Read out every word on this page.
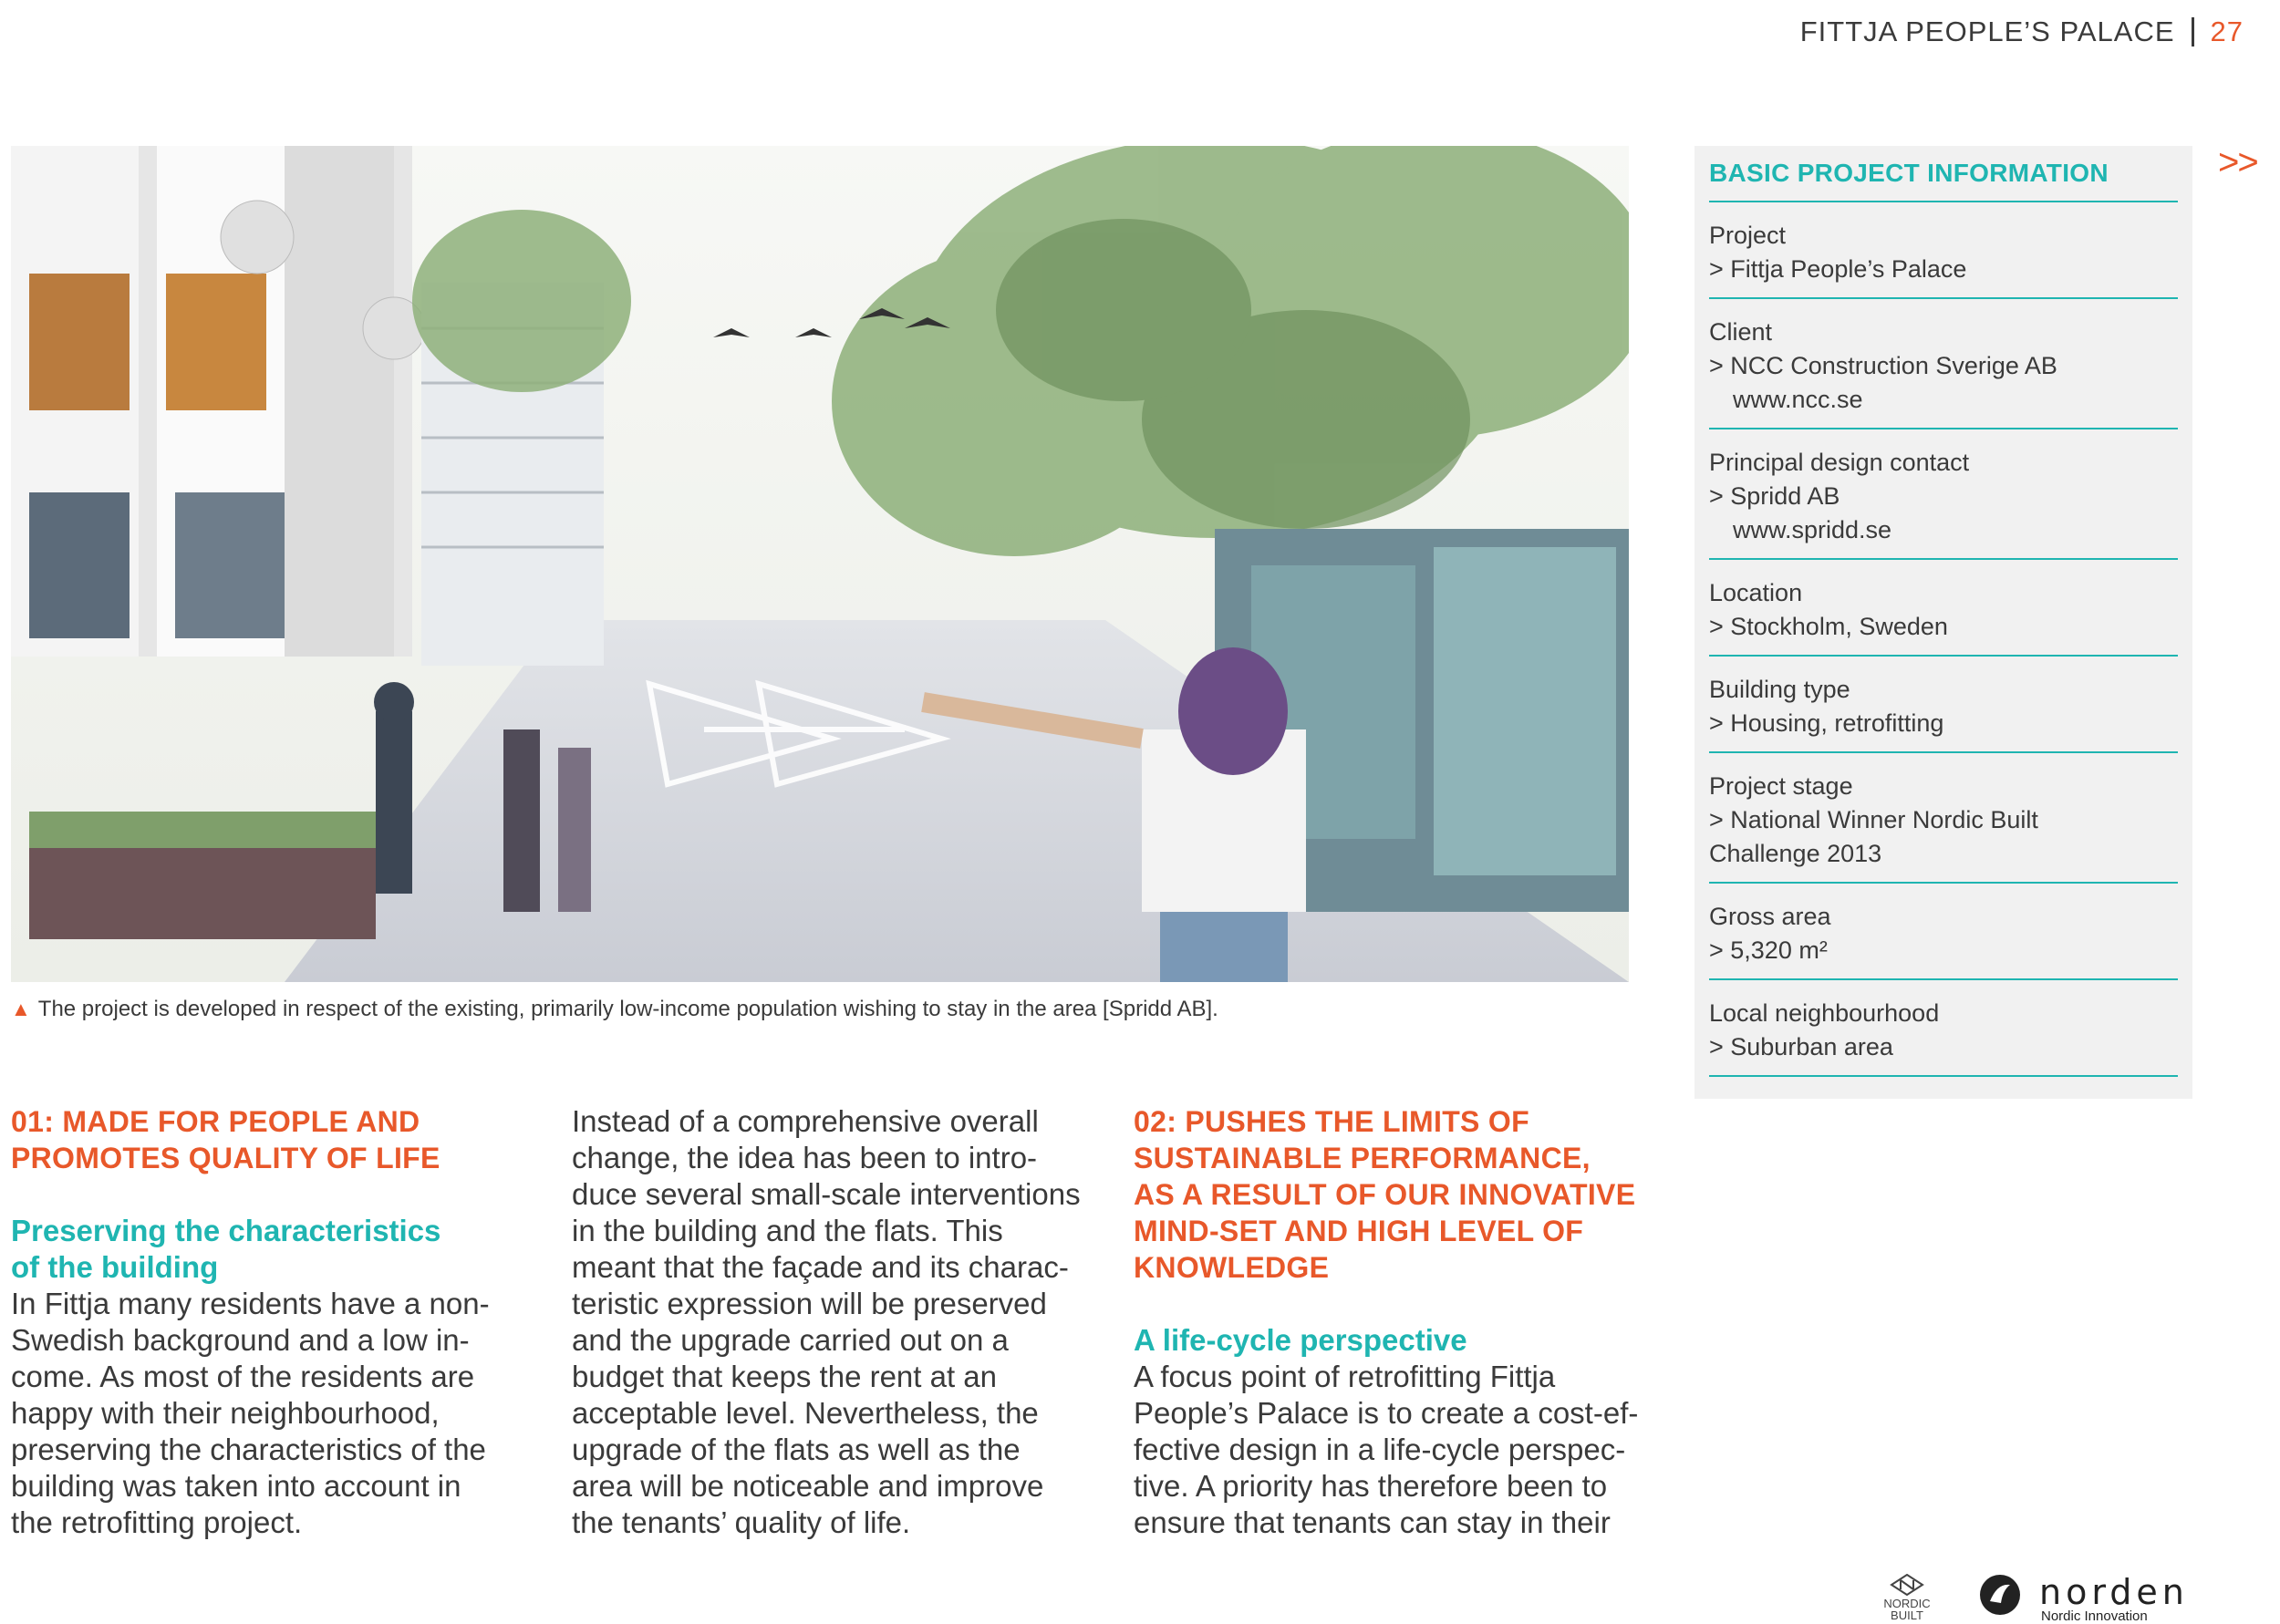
FITTJA PEOPLE’S PALACE 27
▲ The project is developed in respect of the existing, primarily low-income population wishing to stay in the area [Spridd AB].
01: MADE FOR PEOPLE AND
PROMOTES QUALITY OF LIFE
Preserving the characteristics
of the building
In Fittja many residents have a non-
Swedish background and a low in-
come. As most of the residents are
happy with their neighbourhood,
preserving the characteristics of the
building was taken into account in
the retrofitting project.
Instead of a comprehensive overall
change, the idea has been to intro-
duce several small-scale interventions
in the building and the flats. This
meant that the façade and its charac-
teristic expression will be preserved
and the upgrade carried out on a
budget that keeps the rent at an
acceptable level. Nevertheless, the
upgrade of the flats as well as the
area will be noticeable and improve
the tenants’ quality of life.
02: PUSHES THE LIMITS OF
SUSTAINABLE PERFORMANCE,
AS A RESULT OF OUR INNOVATIVE
MIND-SET AND HIGH LEVEL OF
KNOWLEDGE
A life-cycle perspective
A focus point of retrofitting Fittja
People’s Palace is to create a cost-ef-
fective design in a life-cycle perspec-
tive. A priority has therefore been to
ensure that tenants can stay in their
BASIC PROJECT INFORMATION
Project
> Fittja People’s Palace
Client
> NCC Construction Sverige AB
www.ncc.se
Principal design contact
> Spridd AB
www.spridd.se
Location
> Stockholm, Sweden
Building type
> Housing, retrofitting
Project stage
> National Winner Nordic Built
Challenge 2013
Gross area
> 5,320 m²
Local neighbourhood
> Suburban area
>>
NORDIC
BUILT
norden
Nordic Innovation
